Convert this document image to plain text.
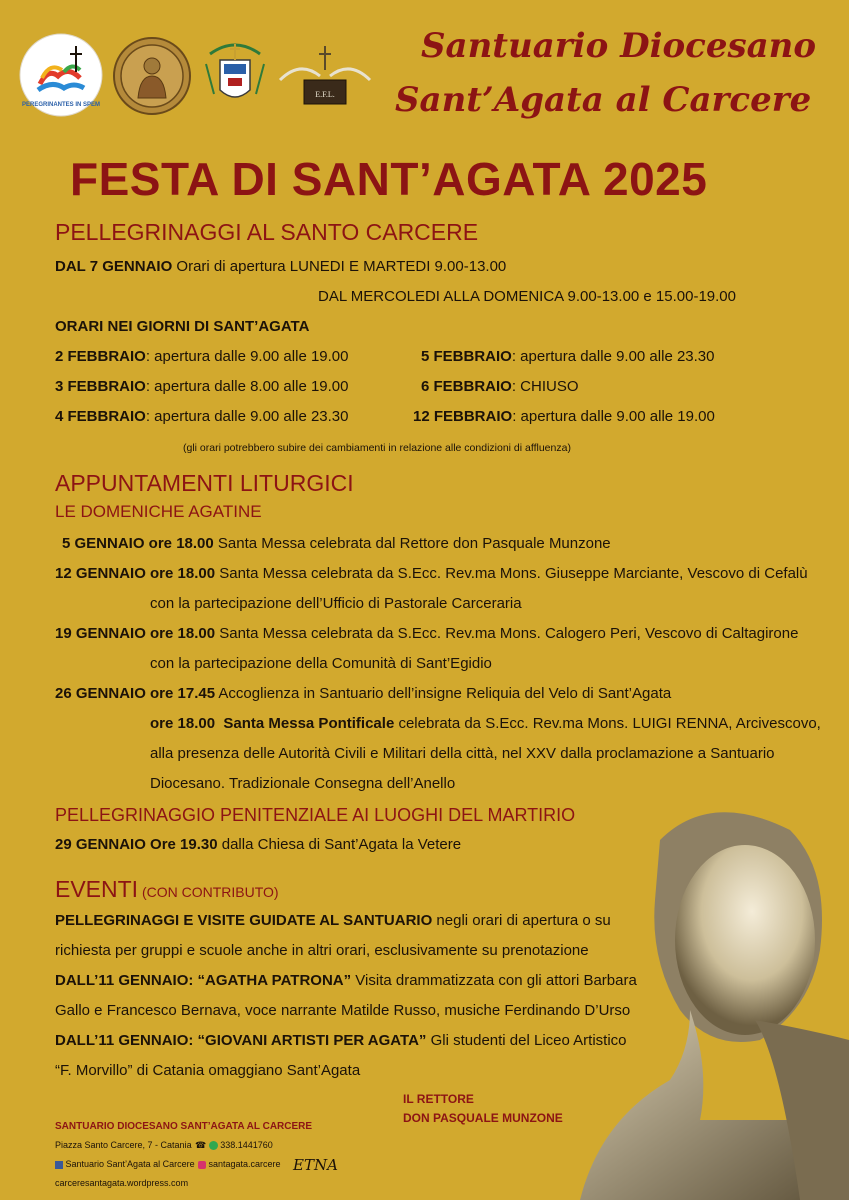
PEREGRINANTES IN SPEM
E.F.L.
Santuario Diocesano
Sant’Agata al Carcere
FESTA DI SANT’AGATA 2025
PELLEGRINAGGI AL SANTO CARCERE
DAL 7 GENNAIO Orari di apertura LUNEDI E MARTEDI 9.00-13.00
DAL MERCOLEDI ALLA DOMENICA 9.00-13.00 e 15.00-19.00
ORARI NEI GIORNI DI SANT’AGATA
2 FEBBRAIO: apertura dalle 9.00 alle 19.00
3 FEBBRAIO: apertura dalle 8.00 alle 19.00
4 FEBBRAIO: apertura dalle 9.00 alle 23.30
5 FEBBRAIO: apertura dalle 9.00 alle 23.30
6 FEBBRAIO: CHIUSO
12 FEBBRAIO: apertura dalle 9.00 alle 19.00
(gli orari potrebbero subire dei cambiamenti in relazione alle condizioni di affluenza)
APPUNTAMENTI LITURGICI
LE DOMENICHE AGATINE
5 GENNAIO ore 18.00 Santa Messa celebrata dal Rettore don Pasquale Munzone
12 GENNAIO ore 18.00 Santa Messa celebrata da S.Ecc. Rev.ma Mons. Giuseppe Marciante, Vescovo di Cefalù
con la partecipazione dell’Ufficio di Pastorale Carceraria
19 GENNAIO ore 18.00 Santa Messa celebrata da S.Ecc. Rev.ma Mons. Calogero Peri, Vescovo di Caltagirone
con la partecipazione della Comunità di Sant’Egidio
26 GENNAIO ore 17.45 Accoglienza in Santuario dell’insigne Reliquia del Velo di Sant’Agata
ore 18.00 Santa Messa Pontificale celebrata da S.Ecc. Rev.ma Mons. LUIGI RENNA, Arcivescovo,
alla presenza delle Autorità Civili e Militari della città, nel XXV dalla proclamazione a Santuario
Diocesano. Tradizionale Consegna dell’Anello
PELLEGRINAGGIO PENITENZIALE AI LUOGHI DEL MARTIRIO
29 GENNAIO Ore 19.30 dalla Chiesa di Sant’Agata la Vetere
EVENTI (CON CONTRIBUTO)
PELLEGRINAGGI E VISITE GUIDATE AL SANTUARIO negli orari di apertura o su
richiesta per gruppi e scuole anche in altri orari, esclusivamente su prenotazione
DALL’11 GENNAIO: “AGATHA PATRONA” Visita drammatizzata con gli attori Barbara
Gallo e Francesco Bernava, voce narrante Matilde Russo, musiche Ferdinando D’Urso
DALL’11 GENNAIO: “GIOVANI ARTISTI PER AGATA” Gli studenti del Liceo Artistico
“F. Morvillo” di Catania omaggiano Sant’Agata
IL RETTORE
DON PASQUALE MUNZONE
SANTUARIO DIOCESANO SANT’AGATA AL CARCERE
Piazza Santo Carcere, 7 - Catania ☎ 338.1441760
Santuario Sant’Agata al Carcere	santagata.carcere
carceresantagata.wordpress.com
ETNA
